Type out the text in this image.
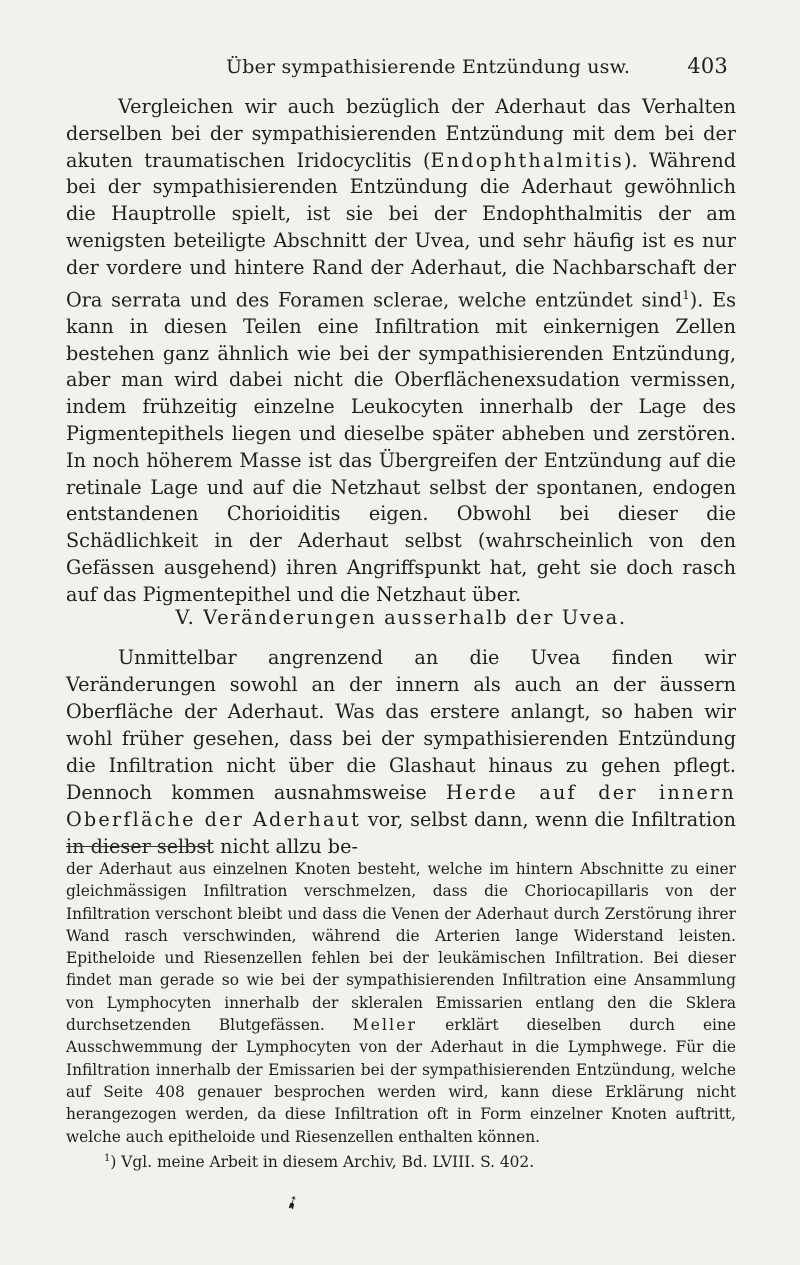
Über sympathisierende Entzündung usw.	403

Vergleichen wir auch bezüglich der Aderhaut das Verhalten derselben bei der sympathisierenden Entzündung mit dem bei der akuten traumatischen Iridocyclitis (Endophthalmitis). Während bei der sympathisierenden Entzündung die Aderhaut gewöhnlich die Hauptrolle spielt, ist sie bei der Endophthalmitis der am wenigsten beteiligte Abschnitt der Uvea, und sehr häufig ist es nur der vordere und hintere Rand der Aderhaut, die Nachbarschaft der Ora serrata und des Foramen sclerae, welche entzündet sind$^1$). Es kann in diesen Teilen eine Infiltration mit einkernigen Zellen bestehen ganz ähnlich wie bei der sympathisierenden Entzündung, aber man wird dabei nicht die Oberflächenexsudation vermissen, indem frühzeitig einzelne Leukocyten innerhalb der Lage des Pigmentepithels liegen und dieselbe später abheben und zerstören. In noch höherem Masse ist das Übergreifen der Entzündung auf die retinale Lage und auf die Netzhaut selbst der spontanen, endogen entstandenen Chorioiditis eigen. Obwohl bei dieser die Schädlichkeit in der Aderhaut selbst (wahrscheinlich von den Gefässen ausgehend) ihren Angriffspunkt hat, geht sie doch rasch auf das Pigmentepithel und die Netzhaut über.

V. Veränderungen ausserhalb der Uvea.

Unmittelbar angrenzend an die Uvea finden wir Veränderungen sowohl an der innern als auch an der äussern Oberfläche der Aderhaut. Was das erstere anlangt, so haben wir wohl früher gesehen, dass bei der sympathisierenden Entzündung die Infiltration nicht über die Glashaut hinaus zu gehen pflegt. Dennoch kommen ausnahmsweise Herde auf der innern Oberfläche der Aderhaut vor, selbst dann, wenn die Infiltration in dieser selbst nicht allzu be-

der Aderhaut aus einzelnen Knoten besteht, welche im hintern Abschnitte zu einer gleichmässigen Infiltration verschmelzen, dass die Choriocapillaris von der Infiltration verschont bleibt und dass die Venen der Aderhaut durch Zerstörung ihrer Wand rasch verschwinden, während die Arterien lange Widerstand leisten. Epitheloide und Riesenzellen fehlen bei der leukämischen Infiltration. Bei dieser findet man gerade so wie bei der sympathisierenden Infiltration eine Ansammlung von Lymphocyten innerhalb der skleralen Emissarien entlang den die Sklera durchsetzenden Blutgefässen. Meller erklärt dieselben durch eine Ausschwemmung der Lymphocyten von der Aderhaut in die Lymphwege. Für die Infiltration innerhalb der Emissarien bei der sympathisierenden Entzündung, welche auf Seite 408 genauer besprochen werden wird, kann diese Erklärung nicht herangezogen werden, da diese Infiltration oft in Form einzelner Knoten auftritt, welche auch epitheloide und Riesenzellen enthalten können.

$^1$) Vgl. meine Arbeit in diesem Archiv, Bd. LVIII. S. 402.

➹
